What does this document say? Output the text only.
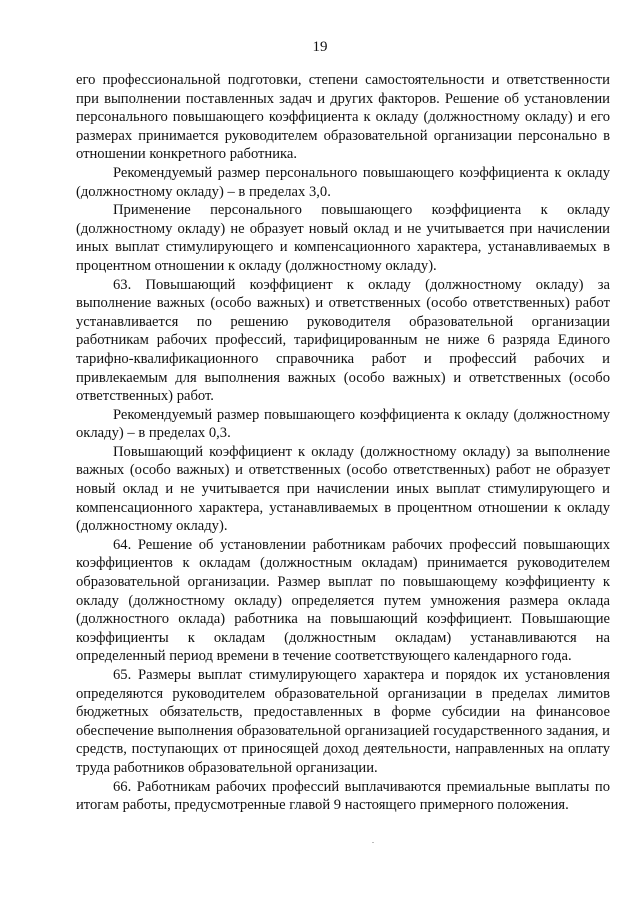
19

его профессиональной подготовки, степени самостоятельности и ответственности при выполнении поставленных задач и других факторов. Решение об установлении персонального повышающего коэффициента к окладу (должностному окладу) и его размерах принимается руководителем образовательной организации персонально в отношении конкретного работника.

Рекомендуемый размер персонального повышающего коэффициента к окладу (должностному окладу) – в пределах 3,0.

Применение персонального повышающего коэффициента к окладу (должностному окладу) не образует новый оклад и не учитывается при начислении иных выплат стимулирующего и компенсационного характера, устанавливаемых в процентном отношении к окладу (должностному окладу).

63. Повышающий коэффициент к окладу (должностному окладу) за выполнение важных (особо важных) и ответственных (особо ответственных) работ устанавливается по решению руководителя образовательной организации работникам рабочих профессий, тарифицированным не ниже 6 разряда Единого тарифно-квалификационного справочника работ и профессий рабочих и привлекаемым для выполнения важных (особо важных) и ответственных (особо ответственных) работ.

Рекомендуемый размер повышающего коэффициента к окладу (должностному окладу) – в пределах 0,3.

Повышающий коэффициент к окладу (должностному окладу) за выполнение важных (особо важных) и ответственных (особо ответственных) работ не образует новый оклад и не учитывается при начислении иных выплат стимулирующего и компенсационного характера, устанавливаемых в процентном отношении к окладу (должностному окладу).

64. Решение об установлении работникам рабочих профессий повышающих коэффициентов к окладам (должностным окладам) принимается руководителем образовательной организации. Размер выплат по повышающему коэффициенту к окладу (должностному окладу) определяется путем умножения размера оклада (должностного оклада) работника на повышающий коэффициент. Повышающие коэффициенты к окладам (должностным окладам) устанавливаются на определенный период времени в течение соответствующего календарного года.

65. Размеры выплат стимулирующего характера и порядок их установления определяются руководителем образовательной организации в пределах лимитов бюджетных обязательств, предоставленных в форме субсидии на финансовое обеспечение выполнения образовательной организацией государственного задания, и средств, поступающих от приносящей доход деятельности, направленных на оплату труда работников образовательной организации.

66. Работникам рабочих профессий выплачиваются премиальные выплаты по итогам работы, предусмотренные главой 9 настоящего примерного положения.
